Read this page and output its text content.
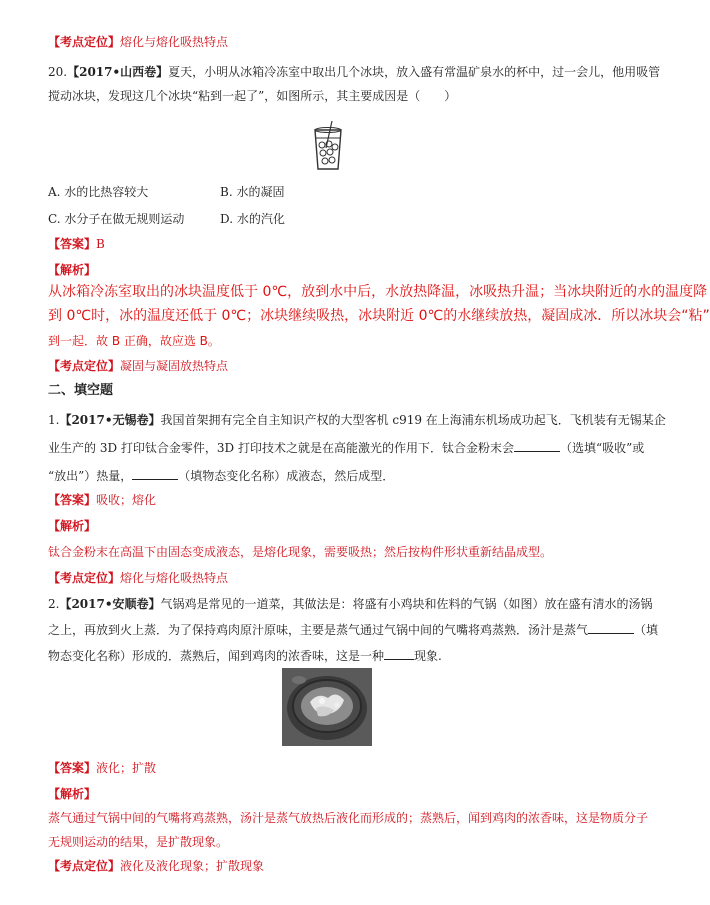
【考点定位】熔化与熔化吸热特点
20.【2017•山西卷】夏天，小明从冰箱冷冻室中取出几个冰块，放入盛有常温矿泉水的杯中，过一会儿，他用吸管
搅动冰块，发现这几个冰块“粘到一起了”，如图所示，其主要成因是（　　）
A. 水的比热容较大	B. 水的凝固
C. 水分子在做无规则运动	D. 水的汽化
【答案】B
【解析】
从冰箱冷冻室取出的冰块温度低于 0℃，放到水中后，水放热降温，冰吸热升温；当冰块附近的水的温度降
到 0℃时，冰的温度还低于 0℃；冰块继续吸热，冰块附近 0℃的水继续放热，凝固成冰．所以冰块会“粘”
到一起．故 B 正确，故应选 B。
【考点定位】凝固与凝固放热特点
二、填空题
1.【2017•无锡卷】我国首架拥有完全自主知识产权的大型客机 c919 在上海浦东机场成功起飞．飞机装有无锡某企
业生产的 3D 打印钛合金零件，3D 打印技术之就是在高能激光的作用下．钛合金粉末会	（选填“吸收”或
“放出”）热量，	（填物态变化名称）成液态，然后成型．
【答案】吸收；熔化
【解析】
钛合金粉末在高温下由固态变成液态，是熔化现象，需要吸热；然后按构件形状重新结晶成型。
【考点定位】熔化与熔化吸热特点
2.【2017•安顺卷】气锅鸡是常见的一道菜，其做法是：将盛有小鸡块和佐料的气锅（如图）放在盛有清水的汤锅
之上，再放到火上蒸．为了保持鸡肉原汁原味，主要是蒸气通过气锅中间的气嘴将鸡蒸熟．汤汁是蒸气	（填
物态变化名称）形成的．蒸熟后，闻到鸡肉的浓香味，这是一种	现象.
【答案】液化；扩散
【解析】
蒸气通过气锅中间的气嘴将鸡蒸熟，汤汁是蒸气放热后液化而形成的；蒸熟后，闻到鸡肉的浓香味，这是物质分子
无规则运动的结果，是扩散现象。
【考点定位】液化及液化现象；扩散现象
